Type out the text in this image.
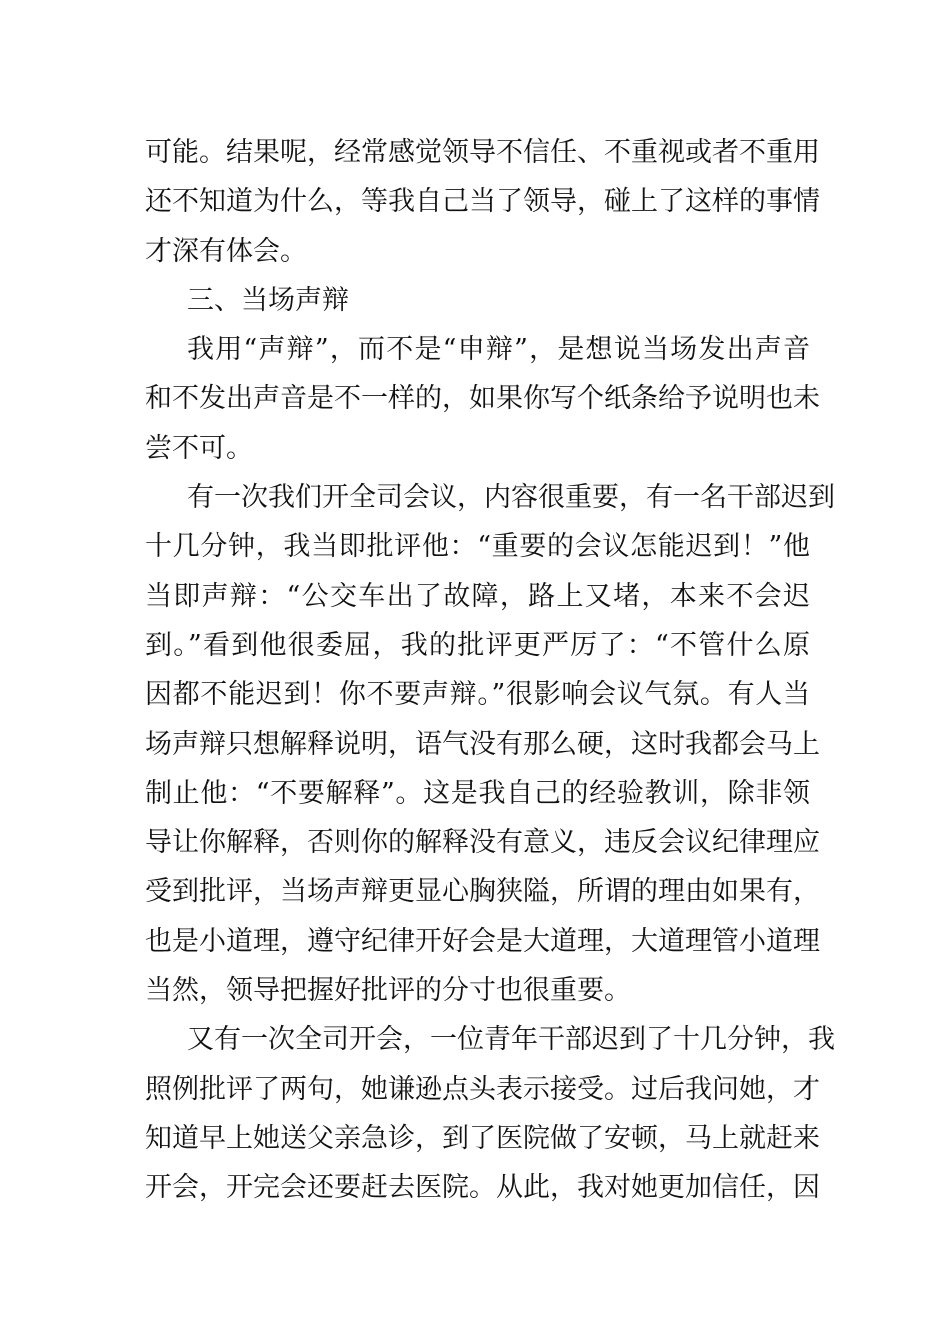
可能。结果呢，经常感觉领导不信任、不重视或者不重用
还不知道为什么，等我自己当了领导，碰上了这样的事情
才深有体会。
三、当场声辩
我用“声辩”，而不是“申辩”，是想说当场发出声音
和不发出声音是不一样的，如果你写个纸条给予说明也未
尝不可。
有一次我们开全司会议，内容很重要，有一名干部迟到
十几分钟，我当即批评他：“重要的会议怎能迟到！”他
当即声辩：“公交车出了故障，路上又堵，本来不会迟
到。”看到他很委屈，我的批评更严厉了：“不管什么原
因都不能迟到！你不要声辩。”很影响会议气氛。有人当
场声辩只想解释说明，语气没有那么硬，这时我都会马上
制止他：“不要解释”。这是我自己的经验教训，除非领
导让你解释，否则你的解释没有意义，违反会议纪律理应
受到批评，当场声辩更显心胸狭隘，所谓的理由如果有，
也是小道理，遵守纪律开好会是大道理，大道理管小道理
当然，领导把握好批评的分寸也很重要。
又有一次全司开会，一位青年干部迟到了十几分钟，我
照例批评了两句，她谦逊点头表示接受。过后我问她，才
知道早上她送父亲急诊，到了医院做了安顿，马上就赶来
开会，开完会还要赶去医院。从此，我对她更加信任，因
